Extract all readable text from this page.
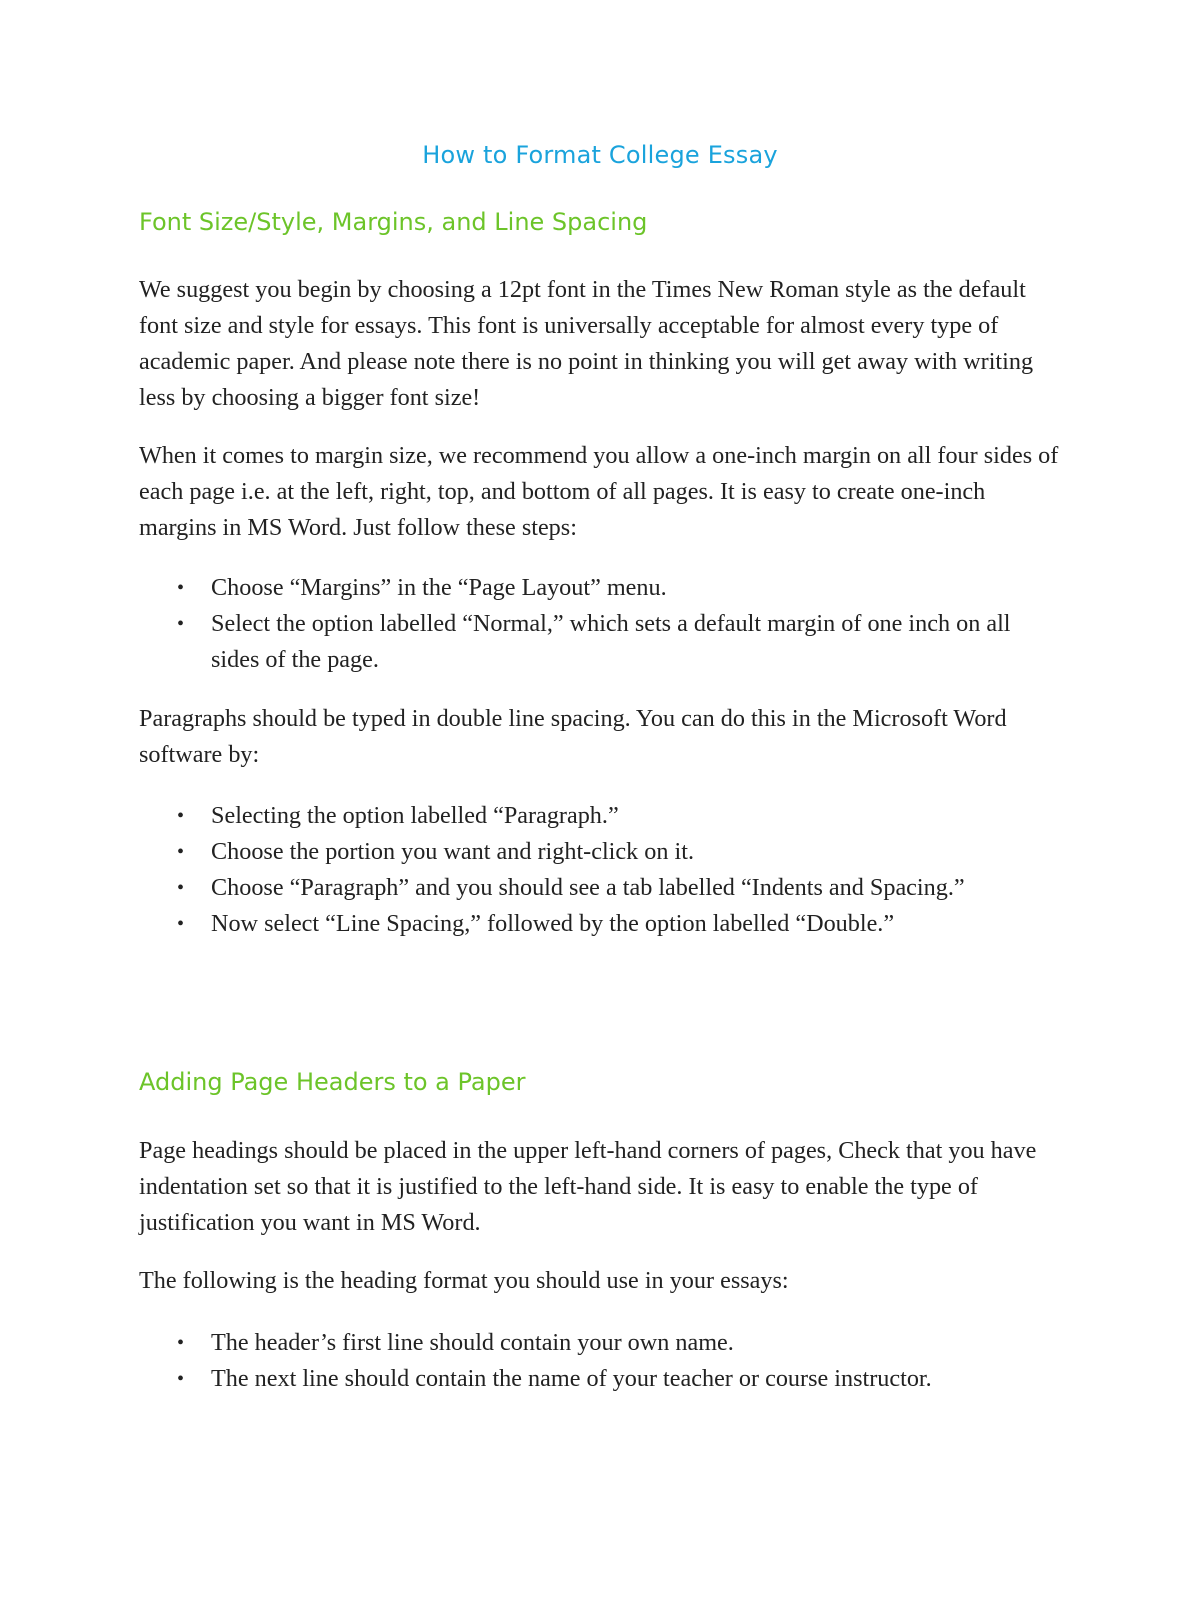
How to Format College Essay
Font Size/Style, Margins, and Line Spacing

We suggest you begin by choosing a 12pt font in the Times New Roman style as the default font size and style for essays. This font is universally acceptable for almost every type of academic paper. And please note there is no point in thinking you will get away with writing less by choosing a bigger font size!

When it comes to margin size, we recommend you allow a one-inch margin on all four sides of each page i.e. at the left, right, top, and bottom of all pages. It is easy to create one-inch margins in MS Word. Just follow these steps:

• Choose “Margins” in the “Page Layout” menu.
• Select the option labelled “Normal,” which sets a default margin of one inch on all sides of the page.

Paragraphs should be typed in double line spacing. You can do this in the Microsoft Word software by:

• Selecting the option labelled “Paragraph.”
• Choose the portion you want and right-click on it.
• Choose “Paragraph” and you should see a tab labelled “Indents and Spacing.”
• Now select “Line Spacing,” followed by the option labelled “Double.”
Adding Page Headers to a Paper

Page headings should be placed in the upper left-hand corners of pages, Check that you have indentation set so that it is justified to the left-hand side. It is easy to enable the type of justification you want in MS Word.

The following is the heading format you should use in your essays:

• The header’s first line should contain your own name.
• The next line should contain the name of your teacher or course instructor.
